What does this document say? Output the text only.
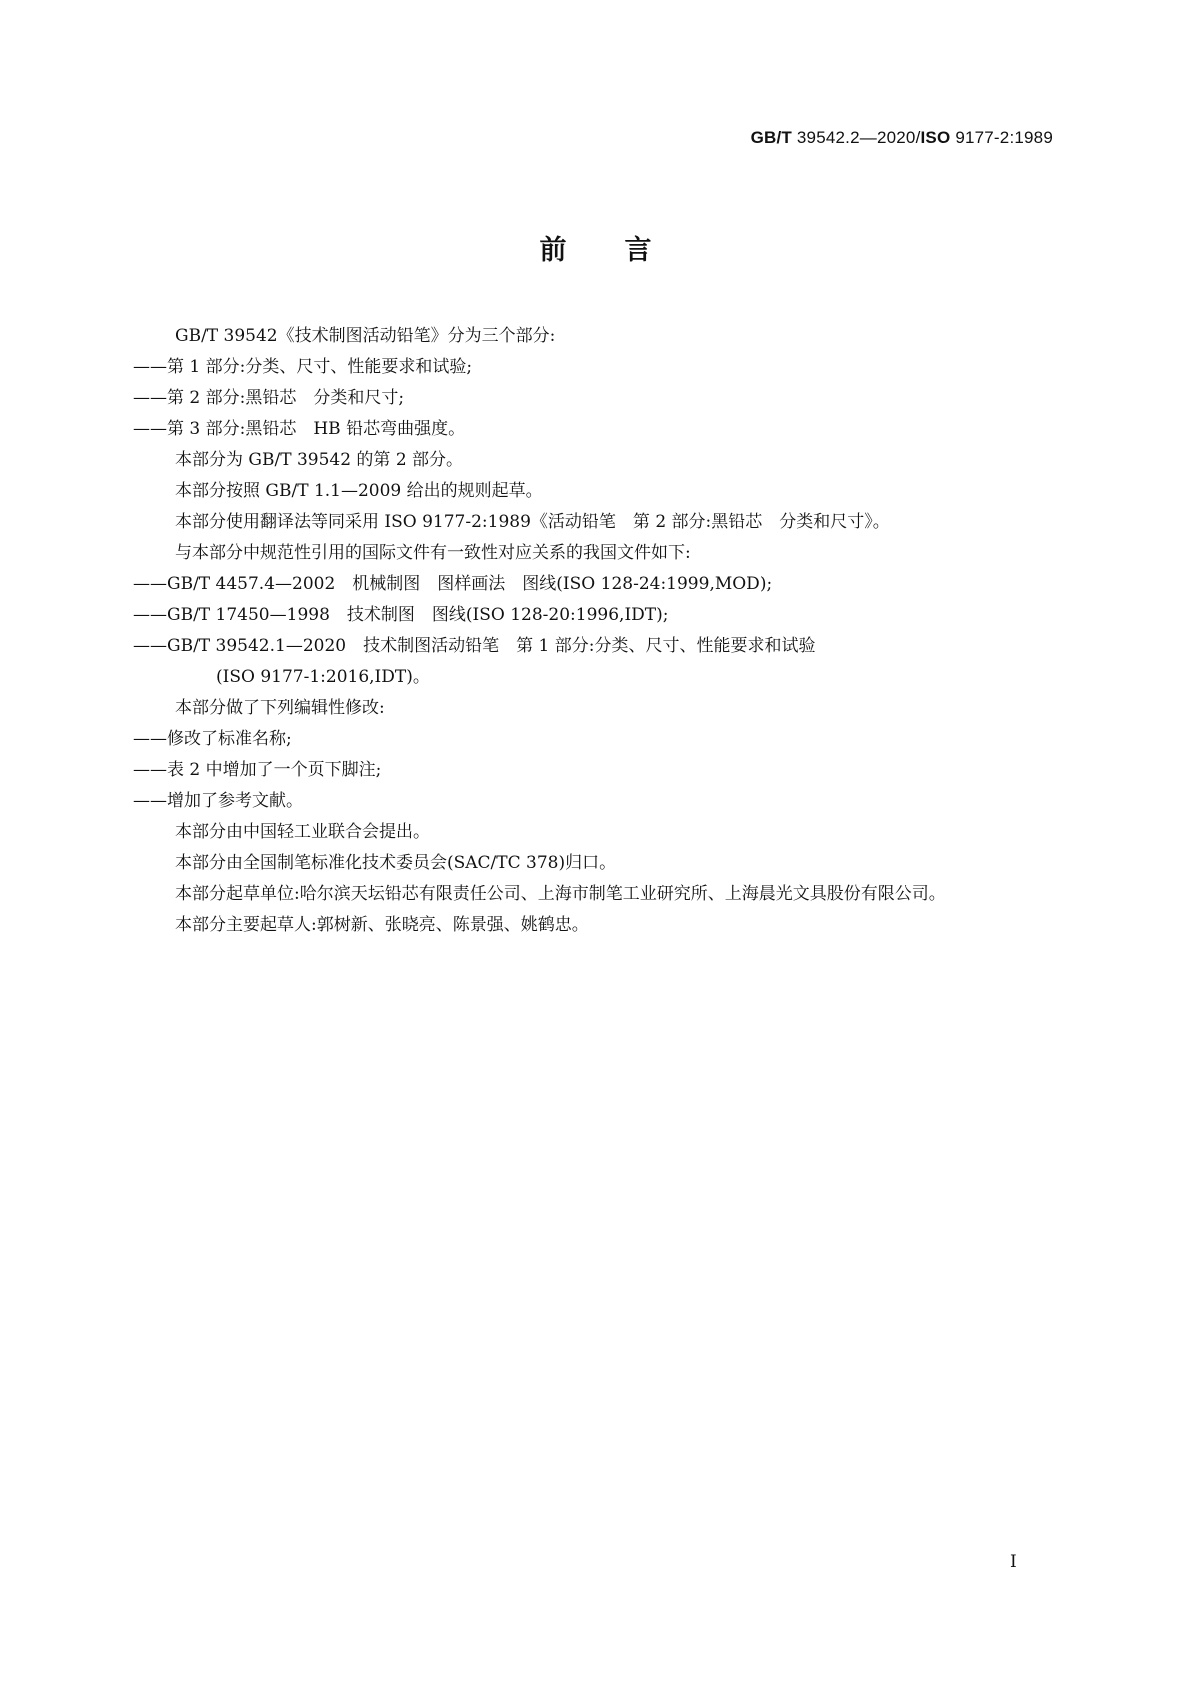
GB/T 39542.2—2020/ISO 9177-2:1989
前言
GB/T 39542《技术制图活动铅笔》分为三个部分:
——第 1 部分:分类、尺寸、性能要求和试验;
——第 2 部分:黑铅芯　分类和尺寸;
——第 3 部分:黑铅芯　HB 铅芯弯曲强度。
本部分为 GB/T 39542 的第 2 部分。
本部分按照 GB/T 1.1—2009 给出的规则起草。
本部分使用翻译法等同采用 ISO 9177-2:1989《活动铅笔　第 2 部分:黑铅芯　分类和尺寸》。
与本部分中规范性引用的国际文件有一致性对应关系的我国文件如下:
——GB/T 4457.4—2002　机械制图　图样画法　图线(ISO 128-24:1999,MOD);
——GB/T 17450—1998　技术制图　图线(ISO 128-20:1996,IDT);
——GB/T 39542.1—2020　技术制图活动铅笔　第 1 部分:分类、尺寸、性能要求和试验
(ISO 9177-1:2016,IDT)。
本部分做了下列编辑性修改:
——修改了标准名称;
——表 2 中增加了一个页下脚注;
——增加了参考文献。
本部分由中国轻工业联合会提出。
本部分由全国制笔标准化技术委员会(SAC/TC 378)归口。
本部分起草单位:哈尔滨天坛铅芯有限责任公司、上海市制笔工业研究所、上海晨光文具股份有限公司。
本部分主要起草人:郭树新、张晓亮、陈景强、姚鹤忠。
I
